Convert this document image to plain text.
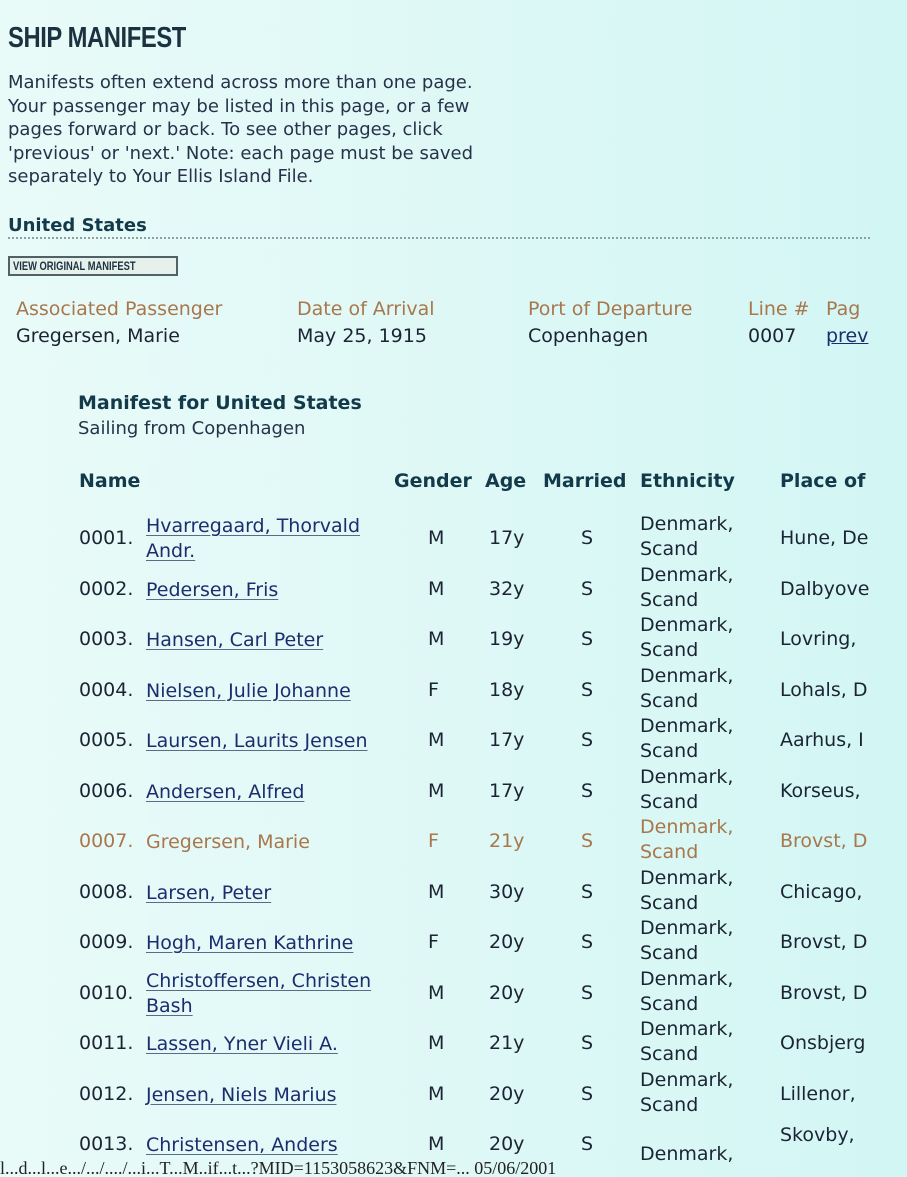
SHIP MANIFEST
Manifests often extend across more than one page.
Your passenger may be listed in this page, or a few
pages forward or back. To see other pages, click
'previous' or 'next.' Note: each page must be saved
separately to Your Ellis Island File.
United States
VIEW ORIGINAL MANIFEST
Associated Passenger
Gregersen, Marie
Date of Arrival
May 25, 1915
Port of Departure
Copenhagen
Line #
0007
Pag
prev
Manifest for United States
Sailing from Copenhagen
Name	Gender Age Married Ethnicity Place of
0001.
Hvarregaard, Thorvald
Andr.
M 17y	S
Denmark,
Scand	Hune, De
0002. Pedersen, Fris	M 32y	S
Denmark,
Scand	Dalbyove
0003. Hansen, Carl Peter	M 19y	S
Denmark,
Scand	Lovring,
0004. Nielsen, Julie Johanne	F	18y	S
Denmark,
Scand	Lohals, D
0005. Laursen, Laurits Jensen	M 17y	S
Denmark,
Scand	Aarhus, I
0006. Andersen, Alfred	M 17y	S
Denmark,
Scand	Korseus,
0007. Gregersen, Marie	F	21y	S
Denmark,
Scand	Brovst, D
0008. Larsen, Peter	M 30y	S
Denmark,
Scand	Chicago,
0009. Hogh, Maren Kathrine	F	20y	S
Denmark,
Scand	Brovst, D
0010.
Christoffersen, Christen
Bash
M 20y	S
Denmark,
Scand	Brovst, D
0011. Lassen, Yner Vieli A.	M 21y	S
Denmark,
Scand	Onsbjerg
0012. Jensen, Niels Marius	M 20y	S
Denmark,
Scand	Lillenor,
0013. Christensen, Anders	M 20y	S Denmark,
Skovby,
l...d...l...e.../.../..../...i...T...M..if...t...?MID=1153058623&FNM=... 05/06/2001
